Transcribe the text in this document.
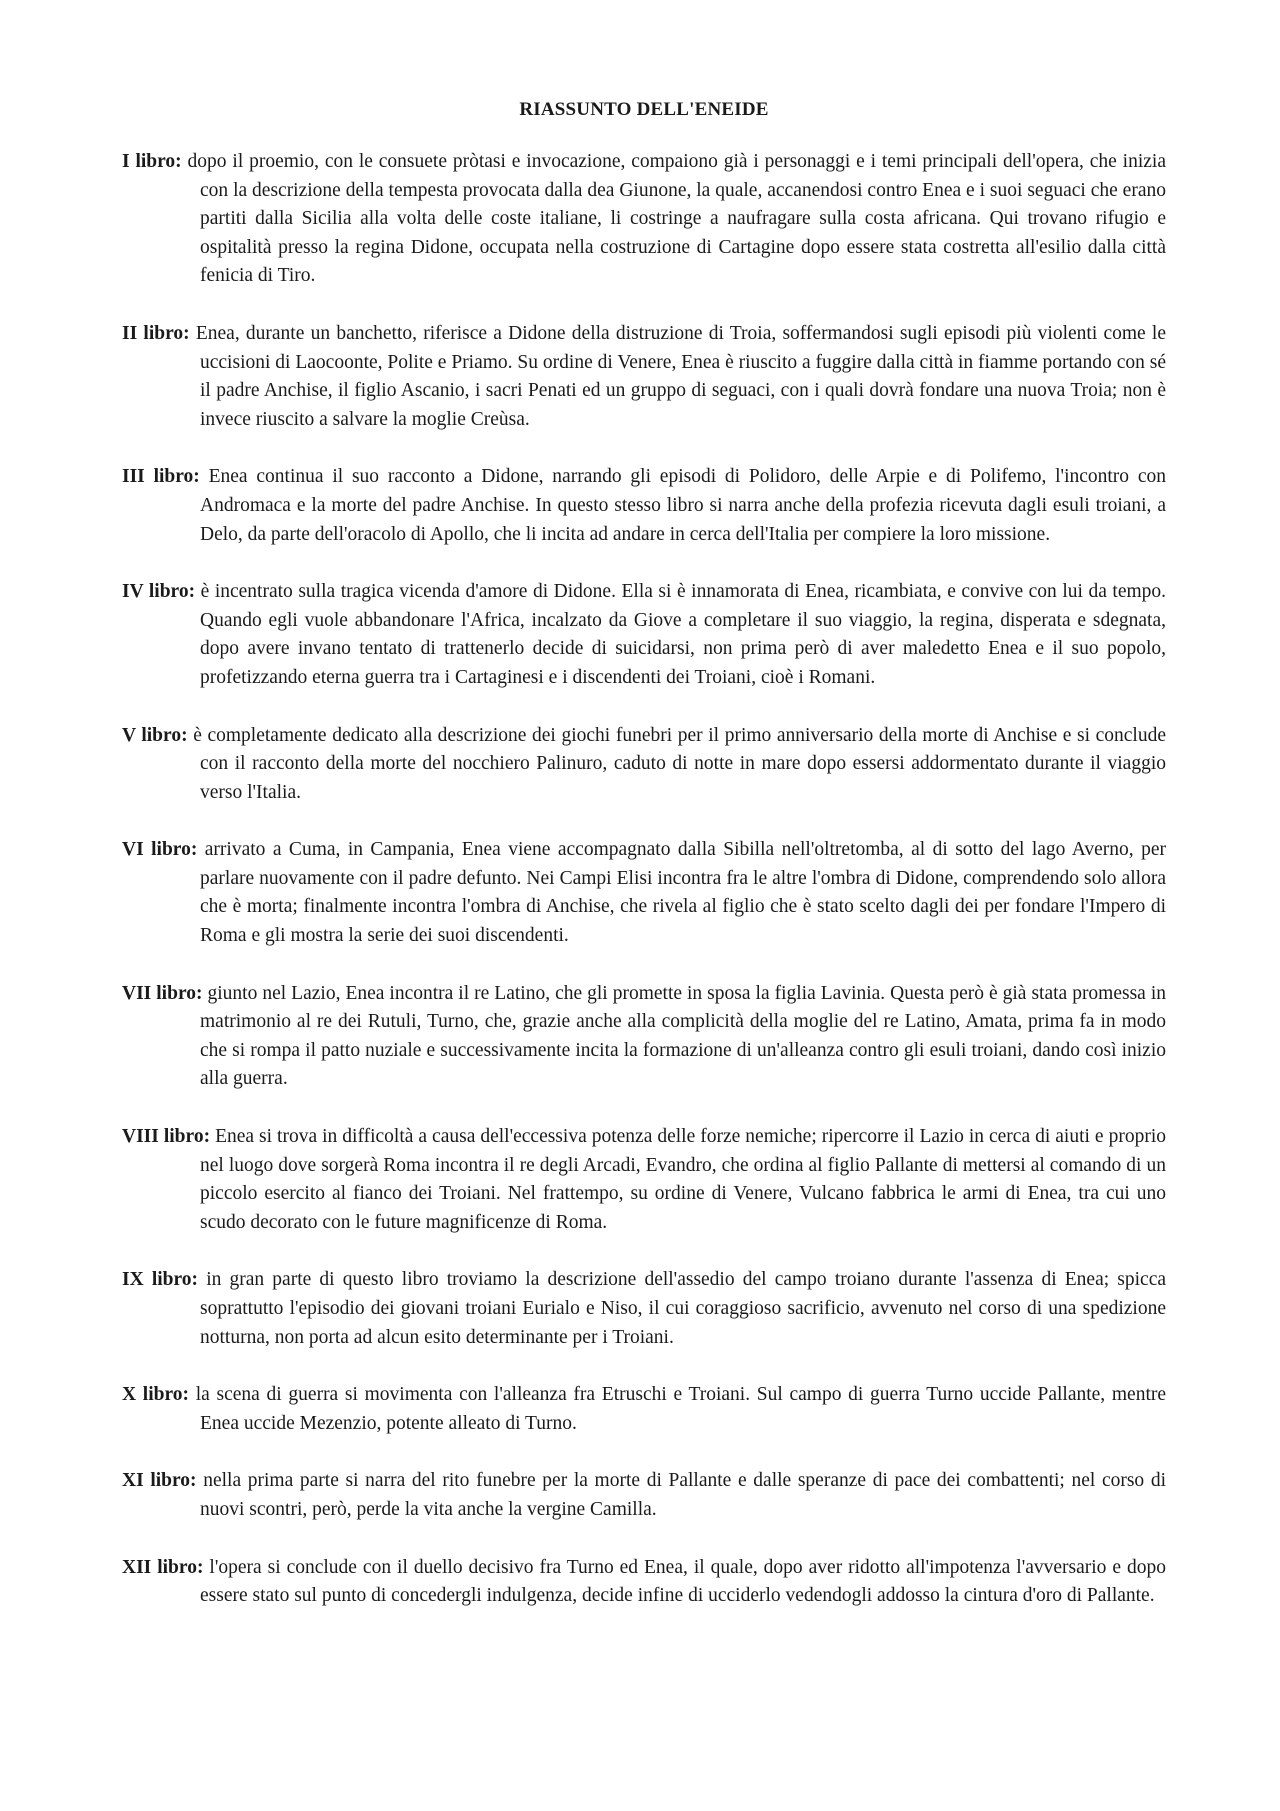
RIASSUNTO DELL'ENEIDE

I libro: dopo il proemio, con le consuete pròtasi e invocazione, compaiono già i personaggi e i temi principali dell'opera, che inizia con la descrizione della tempesta provocata dalla dea Giunone, la quale, accanendosi contro Enea e i suoi seguaci che erano partiti dalla Sicilia alla volta delle coste italiane, li costringe a naufragare sulla costa africana. Qui trovano rifugio e ospitalità presso la regina Didone, occupata nella costruzione di Cartagine dopo essere stata costretta all'esilio dalla città fenicia di Tiro.

II libro: Enea, durante un banchetto, riferisce a Didone della distruzione di Troia, soffermandosi sugli episodi più violenti come le uccisioni di Laocoonte, Polite e Priamo. Su ordine di Venere, Enea è riuscito a fuggire dalla città in fiamme portando con sé il padre Anchise, il figlio Ascanio, i sacri Penati ed un gruppo di seguaci, con i quali dovrà fondare una nuova Troia; non è invece riuscito a salvare la moglie Creùsa.

III libro: Enea continua il suo racconto a Didone, narrando gli episodi di Polidoro, delle Arpie e di Polifemo, l'incontro con Andromaca e la morte del padre Anchise. In questo stesso libro si narra anche della profezia ricevuta dagli esuli troiani, a Delo, da parte dell'oracolo di Apollo, che li incita ad andare in cerca dell'Italia per compiere la loro missione.

IV libro: è incentrato sulla tragica vicenda d'amore di Didone. Ella si è innamorata di Enea, ricambiata, e convive con lui da tempo. Quando egli vuole abbandonare l'Africa, incalzato da Giove a completare il suo viaggio, la regina, disperata e sdegnata, dopo avere invano tentato di trattenerlo decide di suicidarsi, non prima però di aver maledetto Enea e il suo popolo, profetizzando eterna guerra tra i Cartaginesi e i discendenti dei Troiani, cioè i Romani.

V libro: è completamente dedicato alla descrizione dei giochi funebri per il primo anniversario della morte di Anchise e si conclude con il racconto della morte del nocchiero Palinuro, caduto di notte in mare dopo essersi addormentato durante il viaggio verso l'Italia.

VI libro: arrivato a Cuma, in Campania, Enea viene accompagnato dalla Sibilla nell'oltretomba, al di sotto del lago Averno, per parlare nuovamente con il padre defunto. Nei Campi Elisi incontra fra le altre l'ombra di Didone, comprendendo solo allora che è morta; finalmente incontra l'ombra di Anchise, che rivela al figlio che è stato scelto dagli dei per fondare l'Impero di Roma e gli mostra la serie dei suoi discendenti.

VII libro: giunto nel Lazio, Enea incontra il re Latino, che gli promette in sposa la figlia Lavinia. Questa però è già stata promessa in matrimonio al re dei Rutuli, Turno, che, grazie anche alla complicità della moglie del re Latino, Amata, prima fa in modo che si rompa il patto nuziale e successivamente incita la formazione di un'alleanza contro gli esuli troiani, dando così inizio alla guerra.

VIII libro: Enea si trova in difficoltà a causa dell'eccessiva potenza delle forze nemiche; ripercorre il Lazio in cerca di aiuti e proprio nel luogo dove sorgerà Roma incontra il re degli Arcadi, Evandro, che ordina al figlio Pallante di mettersi al comando di un piccolo esercito al fianco dei Troiani. Nel frattempo, su ordine di Venere, Vulcano fabbrica le armi di Enea, tra cui uno scudo decorato con le future magnificenze di Roma.

IX libro: in gran parte di questo libro troviamo la descrizione dell'assedio del campo troiano durante l'assenza di Enea; spicca soprattutto l'episodio dei giovani troiani Eurialo e Niso, il cui coraggioso sacrificio, avvenuto nel corso di una spedizione notturna, non porta ad alcun esito determinante per i Troiani.

X libro: la scena di guerra si movimenta con l'alleanza fra Etruschi e Troiani. Sul campo di guerra Turno uccide Pallante, mentre Enea uccide Mezenzio, potente alleato di Turno.

XI libro: nella prima parte si narra del rito funebre per la morte di Pallante e dalle speranze di pace dei combattenti; nel corso di nuovi scontri, però, perde la vita anche la vergine Camilla.

XII libro: l'opera si conclude con il duello decisivo fra Turno ed Enea, il quale, dopo aver ridotto all'impotenza l'avversario e dopo essere stato sul punto di concedergli indulgenza, decide infine di ucciderlo vedendogli addosso la cintura d'oro di Pallante.
